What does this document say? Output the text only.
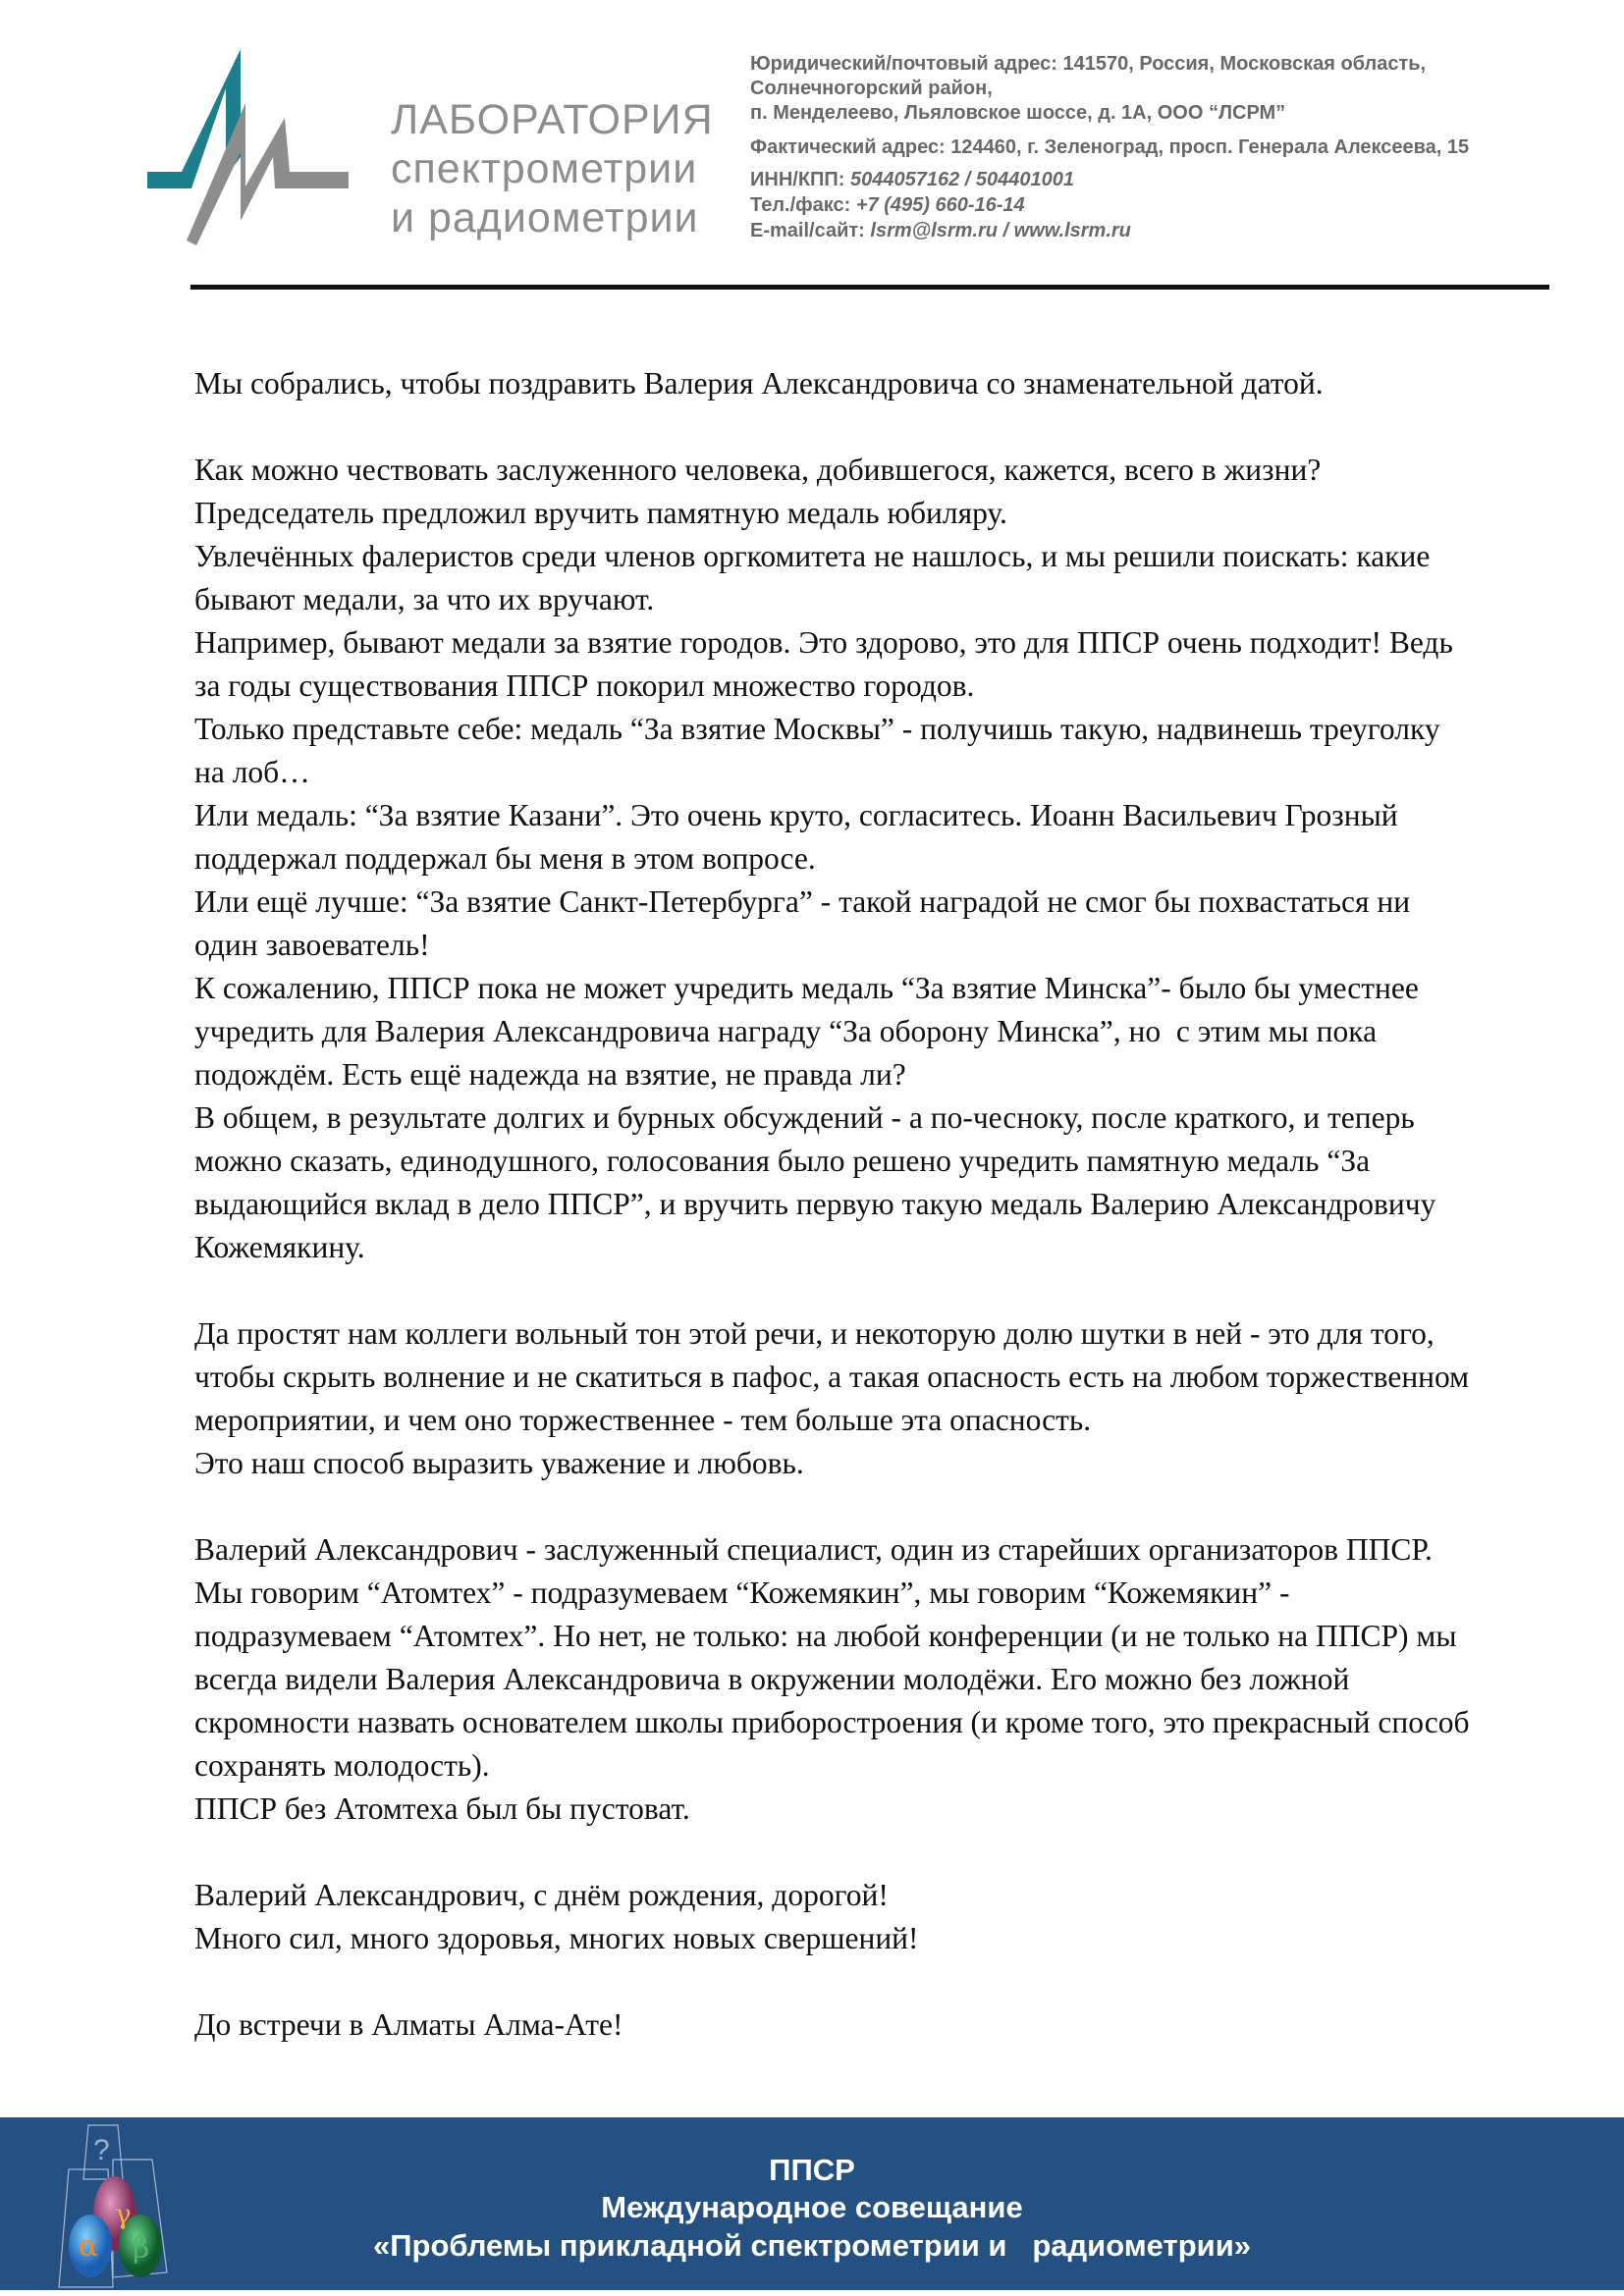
ЛАБОРАТОРИЯ
спектрометрии
и радиометрии
Юридический/почтовый адрес: 141570, Россия, Московская область,
Солнечногорский район,
п. Менделеево, Льяловское шоссе, д. 1А, ООО “ЛСРМ”
Фактический адрес: 124460, г. Зеленоград, просп. Генерала Алексеева, 15
ИНН/КПП: 5044057162 / 504401001
Тел./факс: +7 (495) 660-16-14
E-mail/сайт: lsrm@lsrm.ru / www.lsrm.ru
Мы собрались, чтобы поздравить Валерия Александровича со знаменательной датой.
Как можно чествовать заслуженного человека, добившегося, кажется, всего в жизни?
Председатель предложил вручить памятную медаль юбиляру.
Увлечённых фалеристов среди членов оргкомитета не нашлось, и мы решили поискать: какие
бывают медали, за что их вручают.
Например, бывают медали за взятие городов. Это здорово, это для ППСР очень подходит! Ведь
за годы существования ППСР покорил множество городов.
Только представьте себе: медаль “За взятие Москвы” - получишь такую, надвинешь треуголку
на лоб…
Или медаль: “За взятие Казани”. Это очень круто, согласитесь. Иоанн Васильевич Грозный
поддержал поддержал бы меня в этом вопросе.
Или ещё лучше: “За взятие Санкт-Петербурга” - такой наградой не смог бы похвастаться ни
один завоеватель!
К сожалению, ППСР пока не может учредить медаль “За взятие Минска”- было бы уместнее
учредить для Валерия Александровича награду “За оборону Минска”, но  с этим мы пока
подождём. Есть ещё надежда на взятие, не правда ли?
В общем, в результате долгих и бурных обсуждений - а по-чесноку, после краткого, и теперь
можно сказать, единодушного, голосования было решено учредить памятную медаль “За
выдающийся вклад в дело ППСР”, и вручить первую такую медаль Валерию Александровичу
Кожемякину.
Да простят нам коллеги вольный тон этой речи, и некоторую долю шутки в ней - это для того,
чтобы скрыть волнение и не скатиться в пафос, а такая опасность есть на любом торжественном
мероприятии, и чем оно торжественнее - тем больше эта опасность.
Это наш способ выразить уважение и любовь.
Валерий Александрович - заслуженный специалист, один из старейших организаторов ППСР.
Мы говорим “Атомтех” - подразумеваем “Кожемякин”, мы говорим “Кожемякин” -
подразумеваем “Атомтех”. Но нет, не только: на любой конференции (и не только на ППСР) мы
всегда видели Валерия Александровича в окружении молодёжи. Его можно без ложной
скромности назвать основателем школы приборостроения (и кроме того, это прекрасный способ
сохранять молодость).
ППСР без Атомтеха был бы пустоват.
Валерий Александрович, с днём рождения, дорогой!
Много сил, много здоровья, многих новых свершений!
До встречи в Алматы Алма-Ате!
?
γ
α β
ППСР
Международное совещание
«Проблемы прикладной спектрометрии и   радиометрии»
